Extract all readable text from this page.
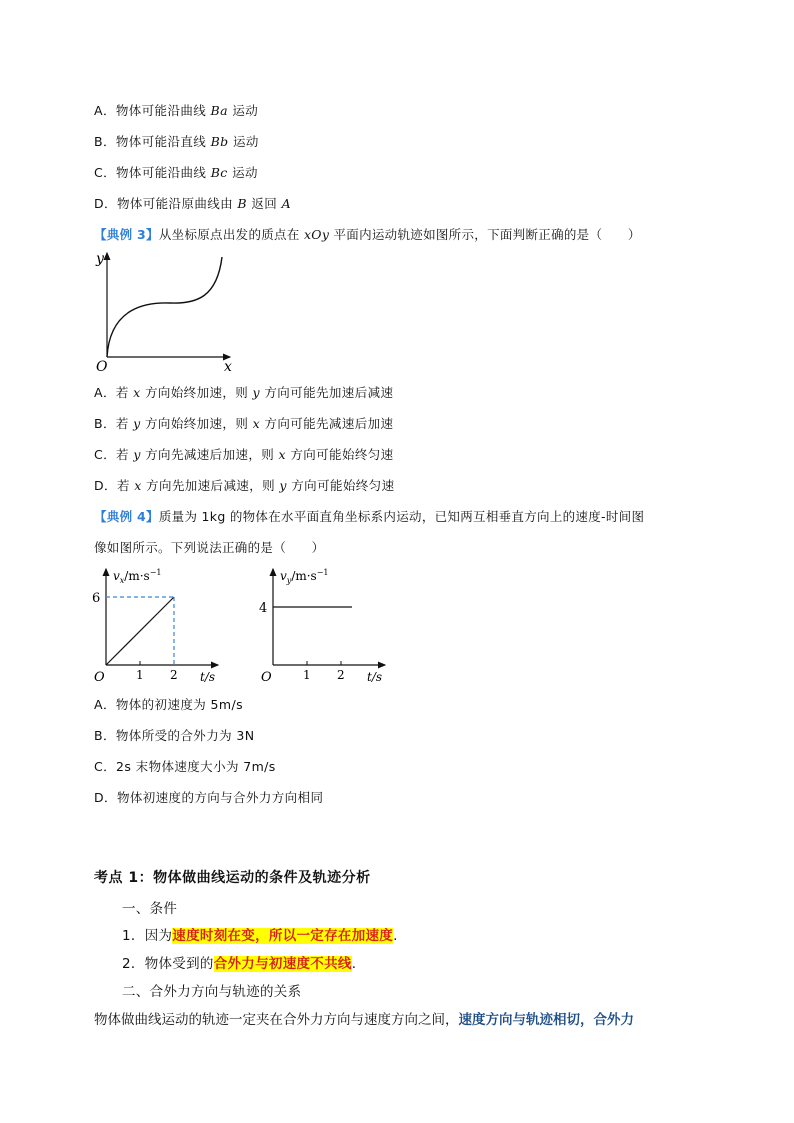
A．物体可能沿曲线 Ba 运动
B．物体可能沿直线 Bb 运动
C．物体可能沿曲线 Bc 运动
D．物体可能沿原曲线由 B 返回 A
【典例 3】从坐标原点出发的质点在 xOy 平面内运动轨迹如图所示，下面判断正确的是（　　）
y
x
O
A．若 x 方向始终加速，则 y 方向可能先加速后减速
B．若 y 方向始终加速，则 x 方向可能先减速后加速
C．若 y 方向先减速后加速，则 x 方向可能始终匀速
D．若 x 方向先加速后减速，则 y 方向可能始终匀速
【典例 4】质量为 1kg 的物体在水平面直角坐标系内运动，已知两互相垂直方向上的速度-时间图
像如图所示。下列说法正确的是（　　）
$v_x/m\cdot s^{-1}$
6
1 2 t/s
O
$v_y/m\cdot s^{-1}$
4
1 2 t/s
O
A．物体的初速度为 5m/s
B．物体所受的合外力为 3N
C．2s 末物体速度大小为 7m/s
D．物体初速度的方向与合外力方向相同
考点 1：物体做曲线运动的条件及轨迹分析
一、条件
1．因为速度时刻在变，所以一定存在加速度.
2．物体受到的合外力与初速度不共线.
二、合外力方向与轨迹的关系
物体做曲线运动的轨迹一定夹在合外力方向与速度方向之间，速度方向与轨迹相切，合外力
